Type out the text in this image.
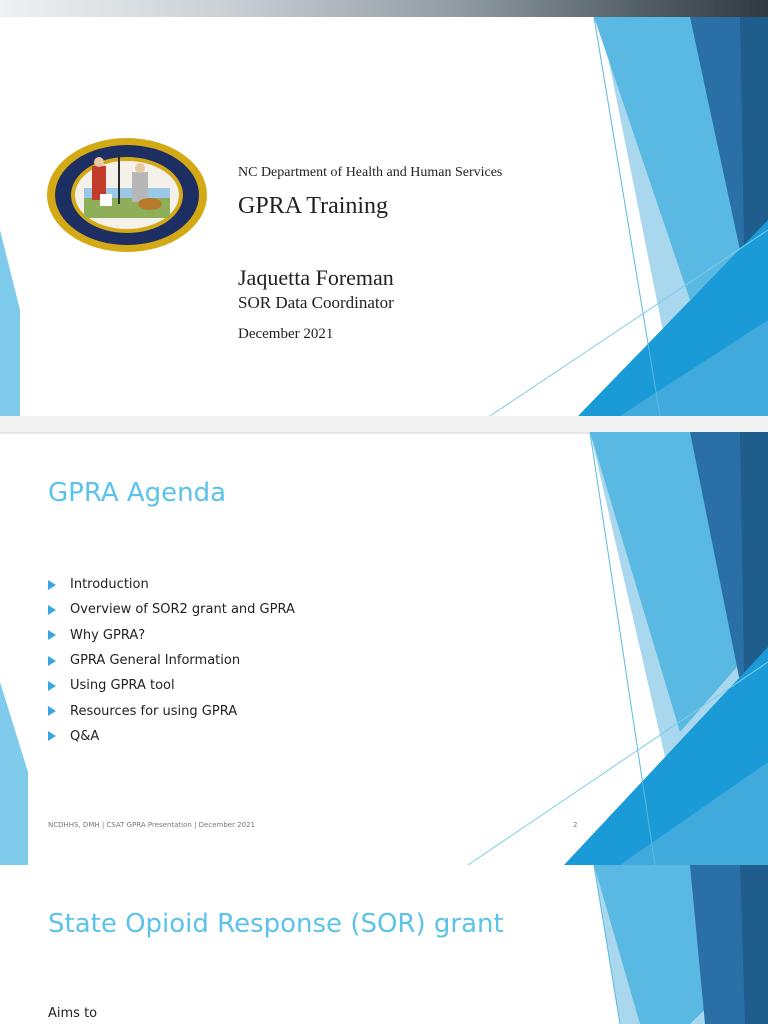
NC Department of Health and Human Services
GPRA Training
Jaquetta Foreman
SOR Data Coordinator
December 2021
GPRA Agenda
Introduction
Overview of SOR2 grant and GPRA
Why GPRA?
GPRA General Information
Using GPRA tool
Resources for using GPRA
Q&A
NCDHHS, DMH | CSAT GPRA Presentation | December 2021	2
State Opioid Response (SOR) grant
Aims to
